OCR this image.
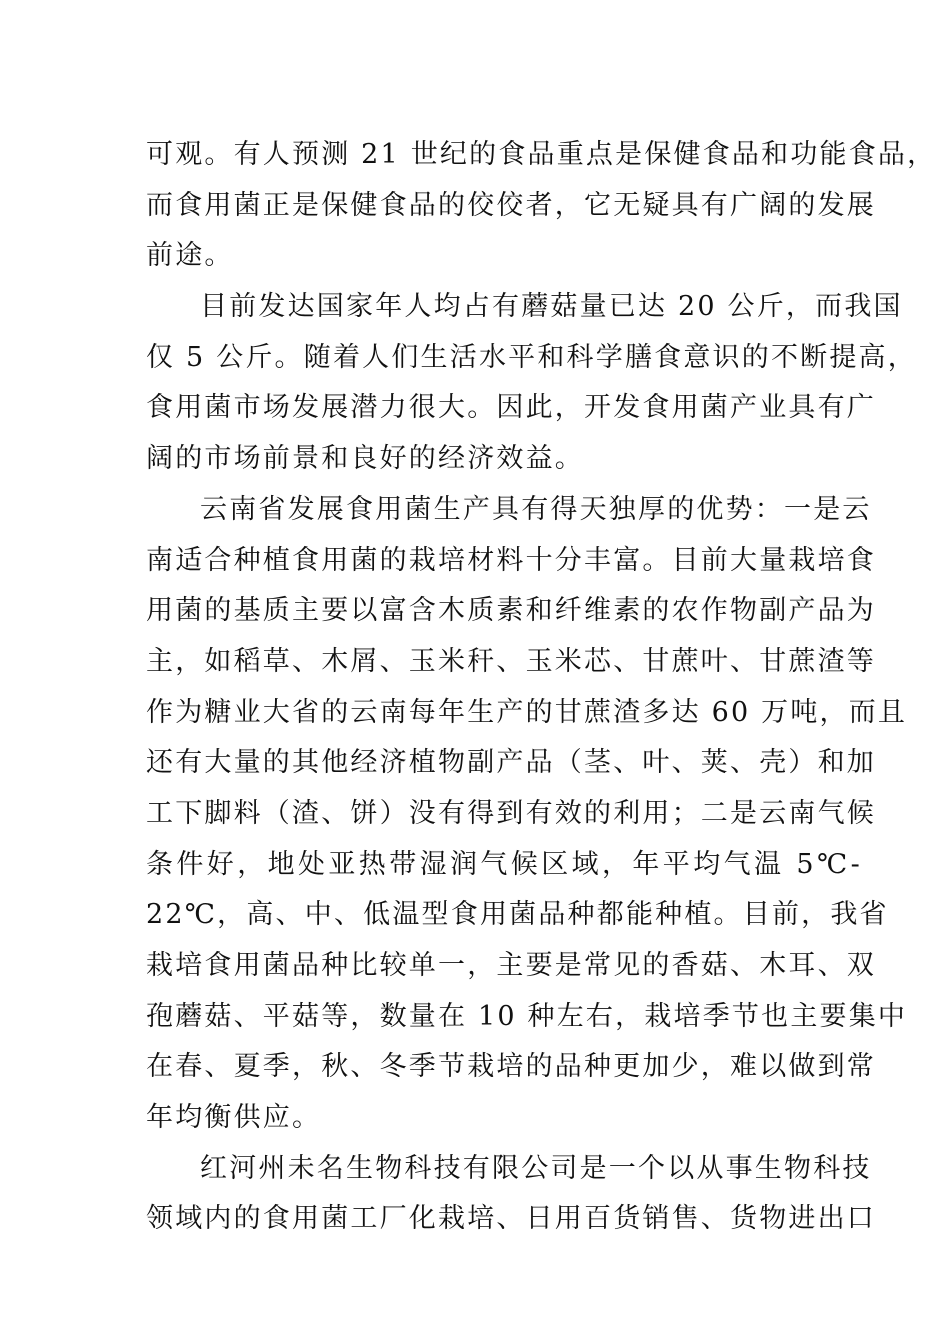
可观。有人预测 21 世纪的食品重点是保健食品和功能食品，
而食用菌正是保健食品的佼佼者，它无疑具有广阔的发展
前途。
目前发达国家年人均占有蘑菇量已达 20 公斤，而我国
仅 5 公斤。随着人们生活水平和科学膳食意识的不断提高，
食用菌市场发展潜力很大。因此，开发食用菌产业具有广
阔的市场前景和良好的经济效益。
云南省发展食用菌生产具有得天独厚的优势：一是云
南适合种植食用菌的栽培材料十分丰富。目前大量栽培食
用菌的基质主要以富含木质素和纤维素的农作物副产品为
主，如稻草、木屑、玉米秆、玉米芯、甘蔗叶、甘蔗渣等
作为糖业大省的云南每年生产的甘蔗渣多达 60 万吨，而且
还有大量的其他经济植物副产品（茎、叶、荚、壳）和加
工下脚料（渣、饼）没有得到有效的利用；二是云南气候
条件好，地处亚热带湿润气候区域，年平均气温 5℃-
22℃，高、中、低温型食用菌品种都能种植。目前，我省
栽培食用菌品种比较单一，主要是常见的香菇、木耳、双
孢蘑菇、平菇等，数量在 10 种左右，栽培季节也主要集中
在春、夏季，秋、冬季节栽培的品种更加少，难以做到常
年均衡供应。
红河州未名生物科技有限公司是一个以从事生物科技
领域内的食用菌工厂化栽培、日用百货销售、货物进出口
